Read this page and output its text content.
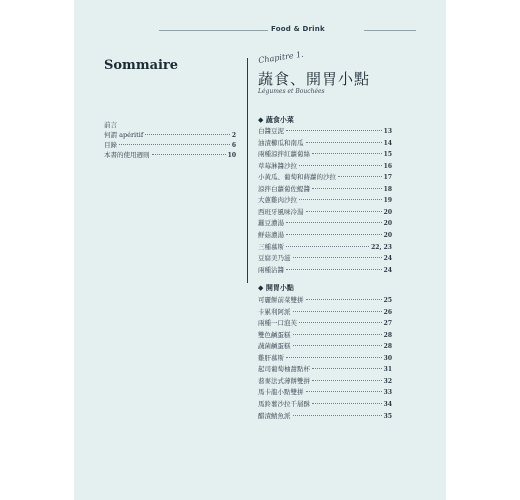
Food & Drink
Sommaire
前言
何謂 apéritif	2
目錄	6
本書的使用週則	10
Chapitre 1.
蔬食、開胃小點
Légumes et Bouchées
◆ 蔬食小菜
白醬豆泥	13
油漬櫛瓜和南瓜	14
兩種涼拌紅蘿蔔絲	15
草莓淋醬沙拉	16
小黃瓜、葡萄和蒔蘿的沙拉	17
涼拌白蘿蔔佐鯷醬	18
大蔥雞肉沙拉	19
西班牙風味冷湯	20
蠶豆濃湯	20
鮮菇濃湯	20
三種慕斯	22, 23
豆腐美乃滋	24
兩種沾醬	24
◆ 開胃小點
可麗餅前菜雙拼	25
卡累利阿派	26
兩種一口泡芙	27
雙色鹹蛋糕	28
蔬菌鹹蛋糕	28
雞肝慕斯	30
起司葡萄柚甜點杯	31
蕎麥法式薄餅雙拼	32
馬卡龍小點雙拼	33
馬鈴薯沙拉千層酥	34
醋漬鯖魚派	35
